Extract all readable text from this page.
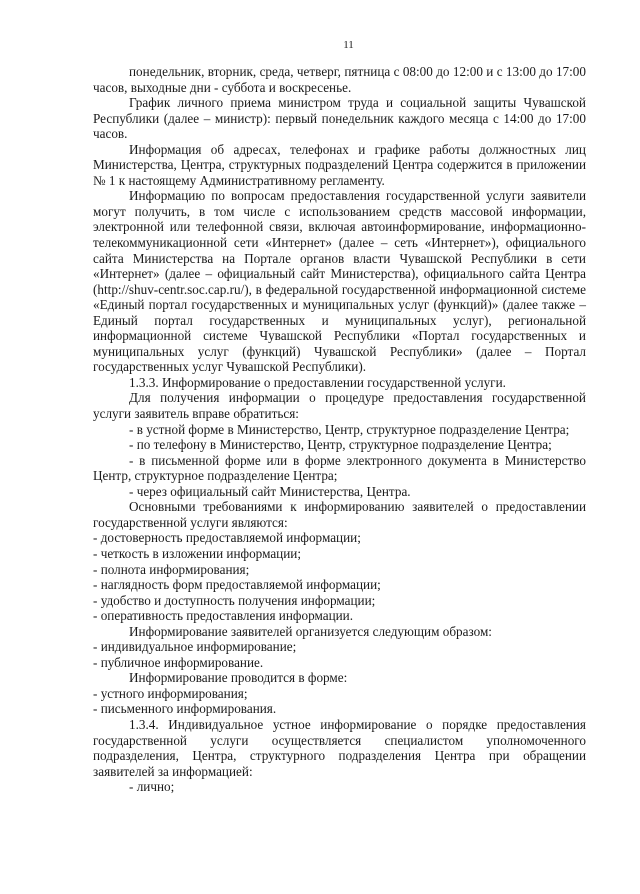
11

понедельник, вторник, среда, четверг, пятница с 08:00 до 12:00 и с 13:00 до 17:00 часов, выходные дни - суббота и воскресенье.

График личного приема министром труда и социальной защиты Чувашской Республики (далее – министр): первый понедельник каждого месяца с 14:00 до 17:00 часов.

Информация об адресах, телефонах и графике работы должностных лиц Министерства, Центра, структурных подразделений Центра содержится в приложении № 1 к настоящему Административному регламенту.

Информацию по вопросам предоставления государственной услуги заявители могут получить, в том числе с использованием средств массовой информации, электронной или телефонной связи, включая автоинформирование, информационно-телекоммуникационной сети «Интернет» (далее – сеть «Интернет»), официального сайта Министерства на Портале органов власти Чувашской Республики в сети «Интернет» (далее – официальный сайт Министерства), официального сайта Центра (http://shuv-centr.soc.cap.ru/), в федеральной государственной информационной системе «Единый портал государственных и муниципальных услуг (функций)» (далее также – Единый портал государственных и муниципальных услуг), региональной информационной системе Чувашской Республики «Портал государственных и муниципальных услуг (функций) Чувашской Республики» (далее – Портал государственных услуг Чувашской Республики).

1.3.3. Информирование о предоставлении государственной услуги.

Для получения информации о процедуре предоставления государственной услуги заявитель вправе обратиться:

- в устной форме в Министерство, Центр, структурное подразделение Центра;

- по телефону в Министерство, Центр, структурное подразделение Центра;

- в письменной форме или в форме электронного документа в Министерство Центр, структурное подразделение Центра;

- через официальный сайт Министерства, Центра.

Основными требованиями к информированию заявителей о предоставлении государственной услуги являются:

- достоверность предоставляемой информации;

- четкость в изложении информации;

- полнота информирования;

- наглядность форм предоставляемой информации;

- удобство и доступность получения информации;

- оперативность предоставления информации.

Информирование заявителей организуется следующим образом:

- индивидуальное информирование;

- публичное информирование.

Информирование проводится в форме:

- устного информирования;

- письменного информирования.

1.3.4. Индивидуальное устное информирование о порядке предоставления государственной услуги осуществляется специалистом уполномоченного подразделения, Центра, структурного подразделения Центра при обращении заявителей за информацией:

- лично;
